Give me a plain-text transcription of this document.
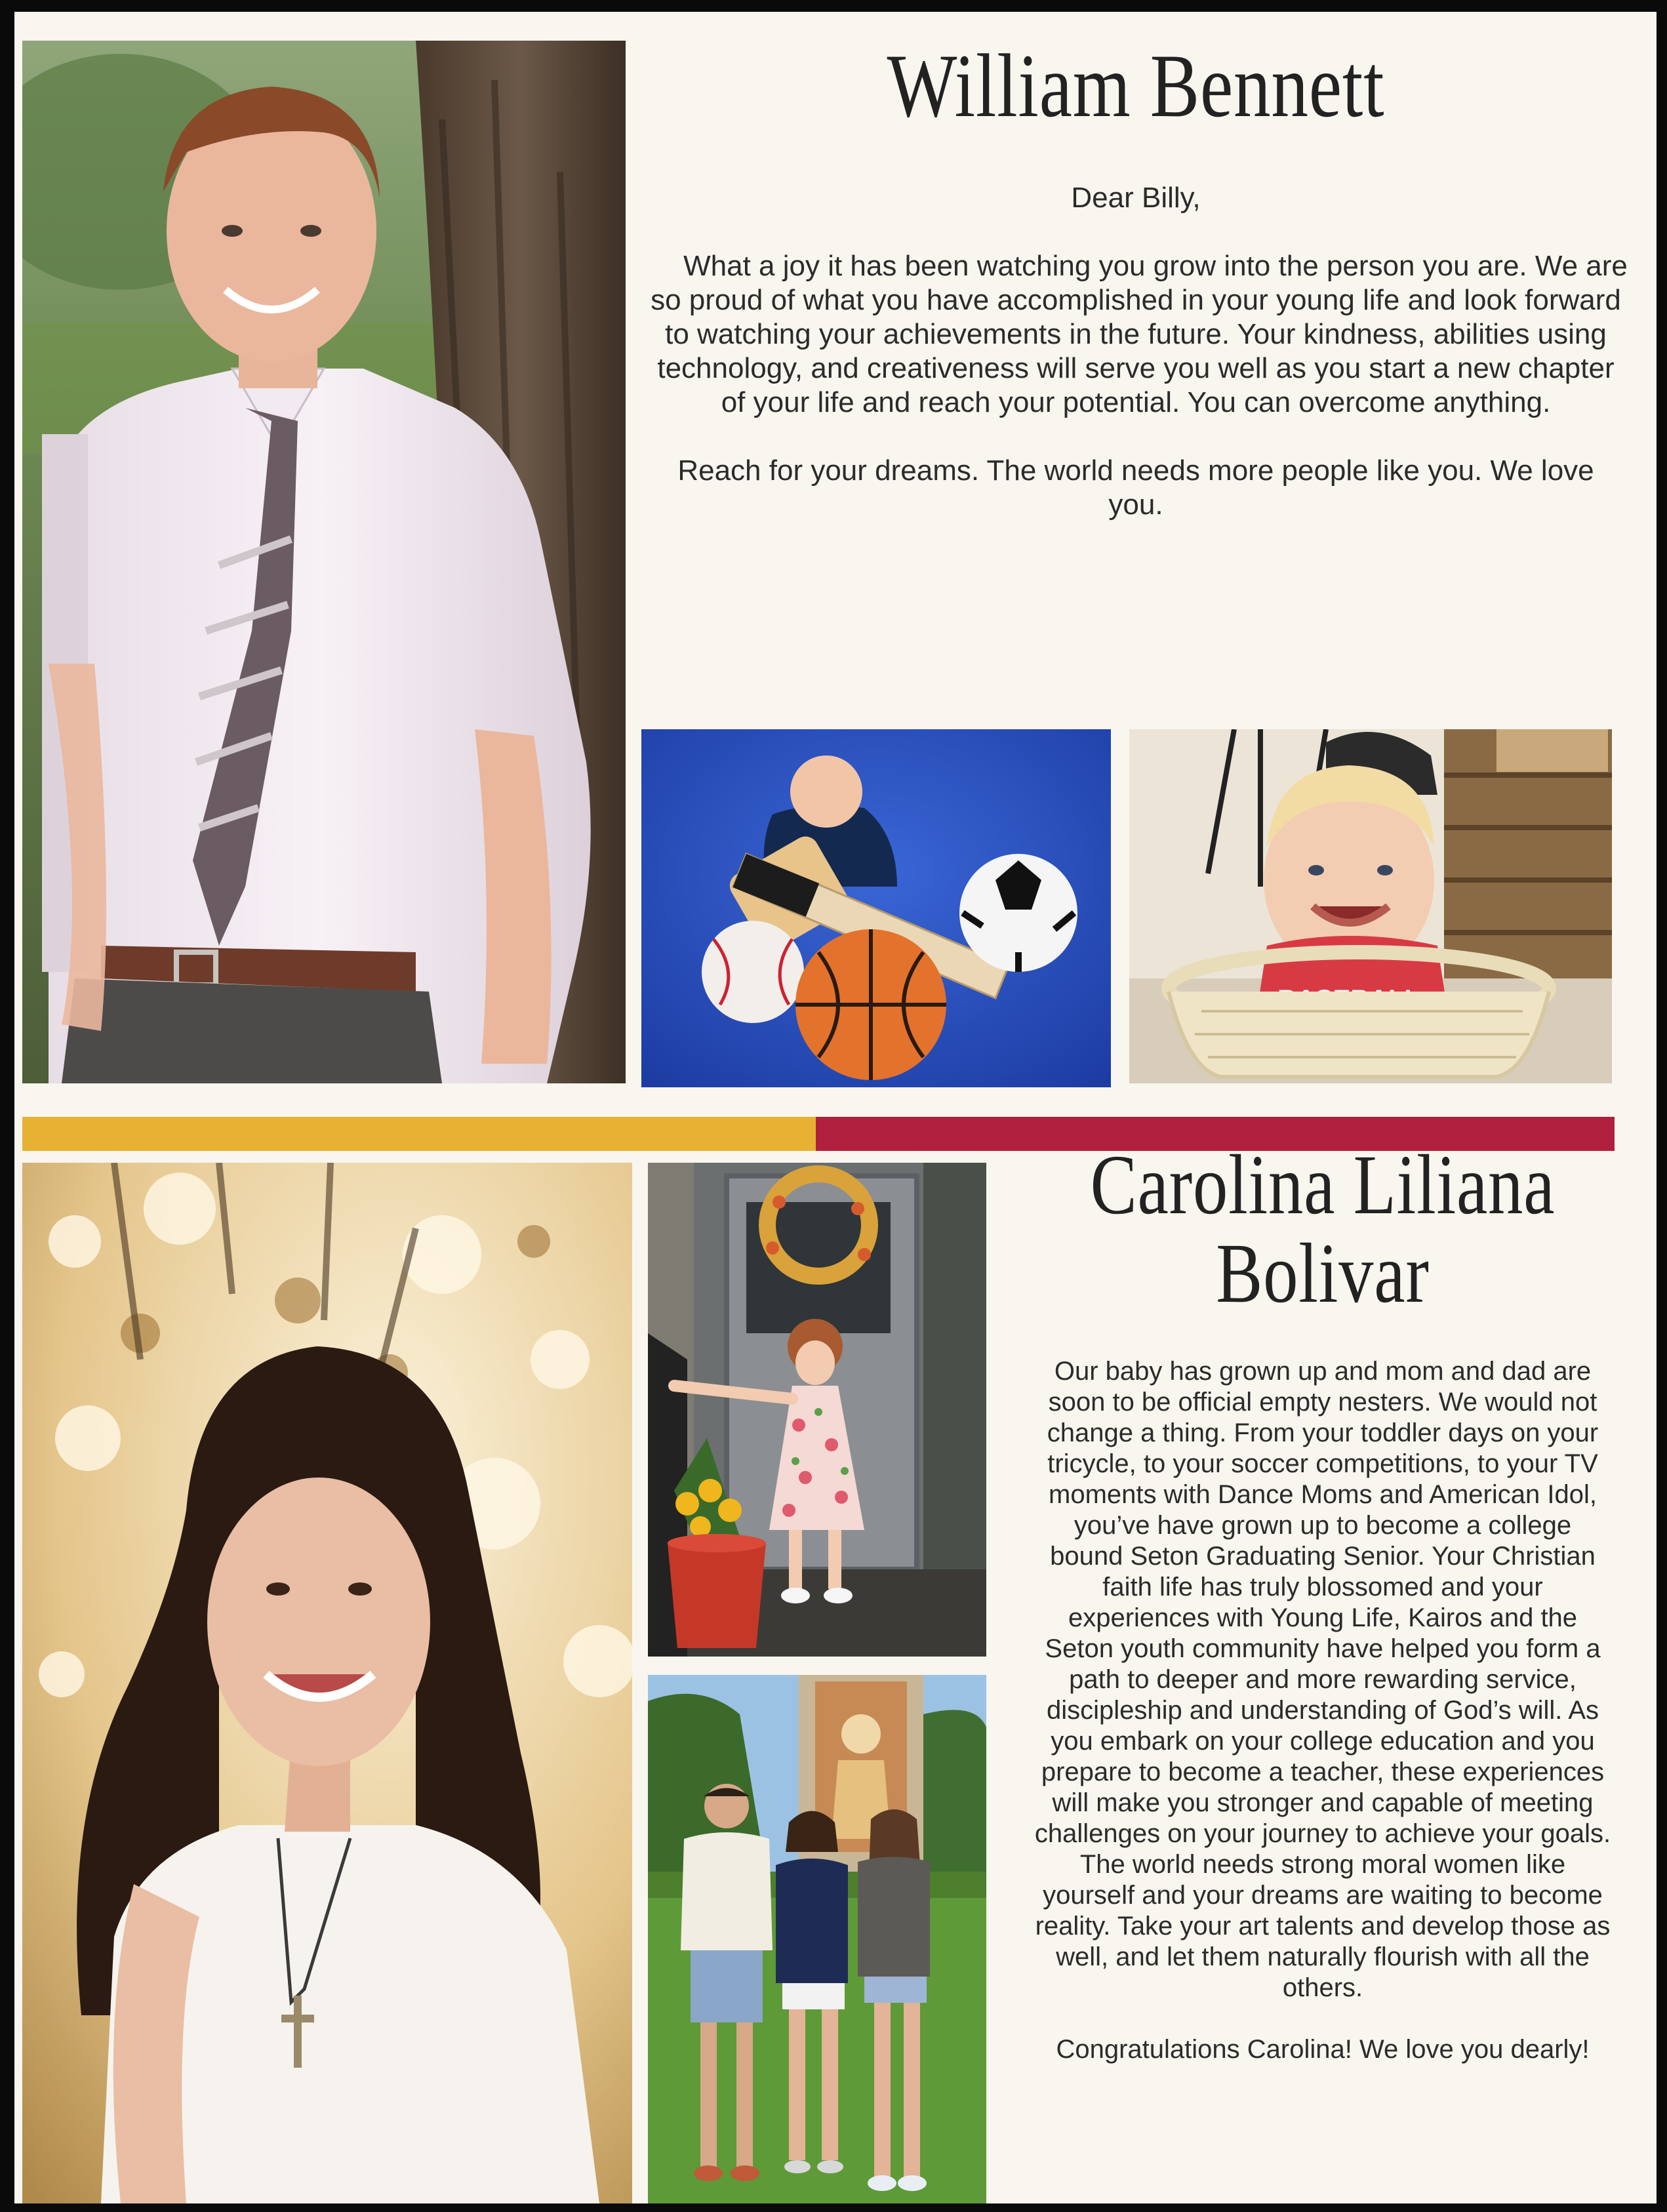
William Bennett

Dear Billy,

What a joy it has been watching you grow into the person you are. We are so proud of what you have accomplished in your young life and look forward to watching your achievements in the future. Your kindness, abilities using technology, and creativeness will serve you well as you start a new chapter of your life and reach your potential. You can overcome anything.

Reach for your dreams. The world needs more people like you. We love you.

Carolina Liliana
Bolivar

Our baby has grown up and mom and dad are soon to be official empty nesters. We would not change a thing. From your toddler days on your tricycle, to your soccer competitions, to your TV moments with Dance Moms and American Idol, you’ve have grown up to become a college bound Seton Graduating Senior. Your Christian faith life has truly blossomed and your experiences with Young Life, Kairos and the Seton youth community have helped you form a path to deeper and more rewarding service, discipleship and understanding of God’s will. As you embark on your college education and you prepare to become a teacher, these experiences will make you stronger and capable of meeting challenges on your journey to achieve your goals. The world needs strong moral women like yourself and your dreams are waiting to become reality. Take your art talents and develop those as well, and let them naturally flourish with all the others.

Congratulations Carolina! We love you dearly!
